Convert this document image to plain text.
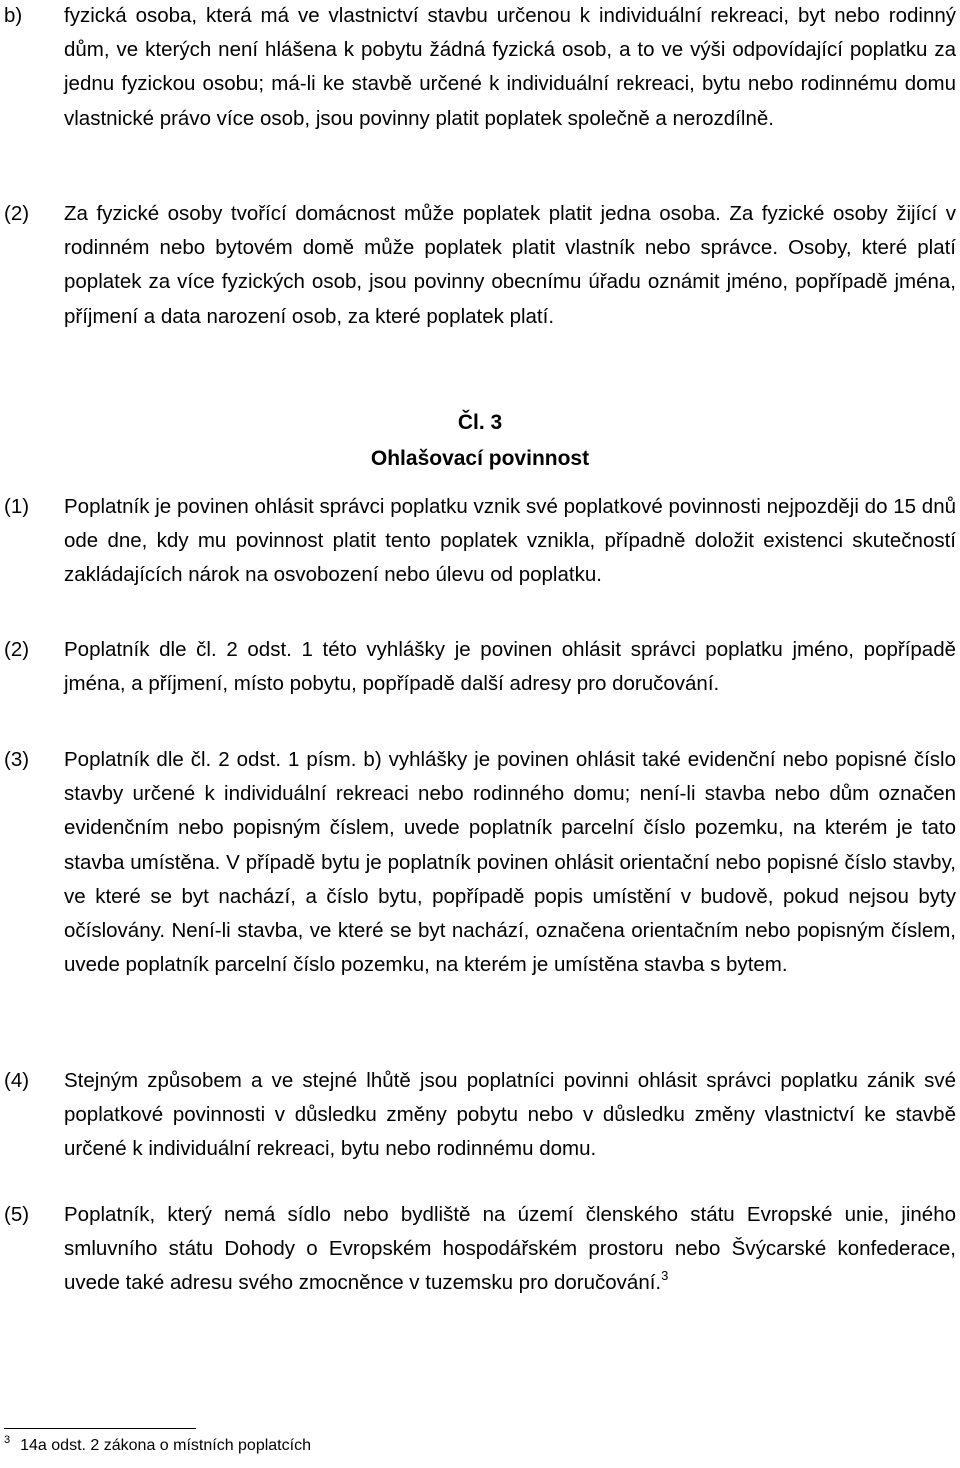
b) fyzická osoba, která má ve vlastnictví stavbu určenou k individuální rekreaci, byt nebo rodinný dům, ve kterých není hlášena k pobytu žádná fyzická osob, a to ve výši odpovídající poplatku za jednu fyzickou osobu; má-li ke stavbě určené k individuální rekreaci, bytu nebo rodinnému domu vlastnické právo více osob, jsou povinny platit poplatek společně a nerozdílně.
(2) Za fyzické osoby tvořící domácnost může poplatek platit jedna osoba. Za fyzické osoby žijící v rodinném nebo bytovém domě může poplatek platit vlastník nebo správce. Osoby, které platí poplatek za více fyzických osob, jsou povinny obecnímu úřadu oznámit jméno, popřípadě jména, příjmení a data narození osob, za které poplatek platí.
Čl. 3
Ohlašovací povinnost
(1) Poplatník je povinen ohlásit správci poplatku vznik své poplatkové povinnosti nejpozději do 15 dnů ode dne, kdy mu povinnost platit tento poplatek vznikla, případně doložit existenci skutečností zakládajících nárok na osvobození nebo úlevu od poplatku.
(2) Poplatník dle čl. 2 odst. 1 této vyhlášky je povinen ohlásit správci poplatku jméno, popřípadě jména, a příjmení, místo pobytu, popřípadě další adresy pro doručování.
(3) Poplatník dle čl. 2 odst. 1 písm. b) vyhlášky je povinen ohlásit také evidenční nebo popisné číslo stavby určené k individuální rekreaci nebo rodinného domu; není-li stavba nebo dům označen evidenčním nebo popisným číslem, uvede poplatník parcelní číslo pozemku, na kterém je tato stavba umístěna. V případě bytu je poplatník povinen ohlásit orientační nebo popisné číslo stavby, ve které se byt nachází, a číslo bytu, popřípadě popis umístění v budově, pokud nejsou byty očíslovány. Není-li stavba, ve které se byt nachází, označena orientačním nebo popisným číslem, uvede poplatník parcelní číslo pozemku, na kterém je umístěna stavba s bytem.
(4) Stejným způsobem a ve stejné lhůtě jsou poplatníci povinni ohlásit správci poplatku zánik své poplatkové povinnosti v důsledku změny pobytu nebo v důsledku změny vlastnictví ke stavbě určené k individuální rekreaci, bytu nebo rodinnému domu.
(5) Poplatník, který nemá sídlo nebo bydliště na území členského státu Evropské unie, jiného smluvního státu Dohody o Evropském hospodářském prostoru nebo Švýcarské konfederace, uvede také adresu svého zmocněnce v tuzemsku pro doručování.$^3$
$^3$ 14a odst. 2 zákona o místních poplatcích
